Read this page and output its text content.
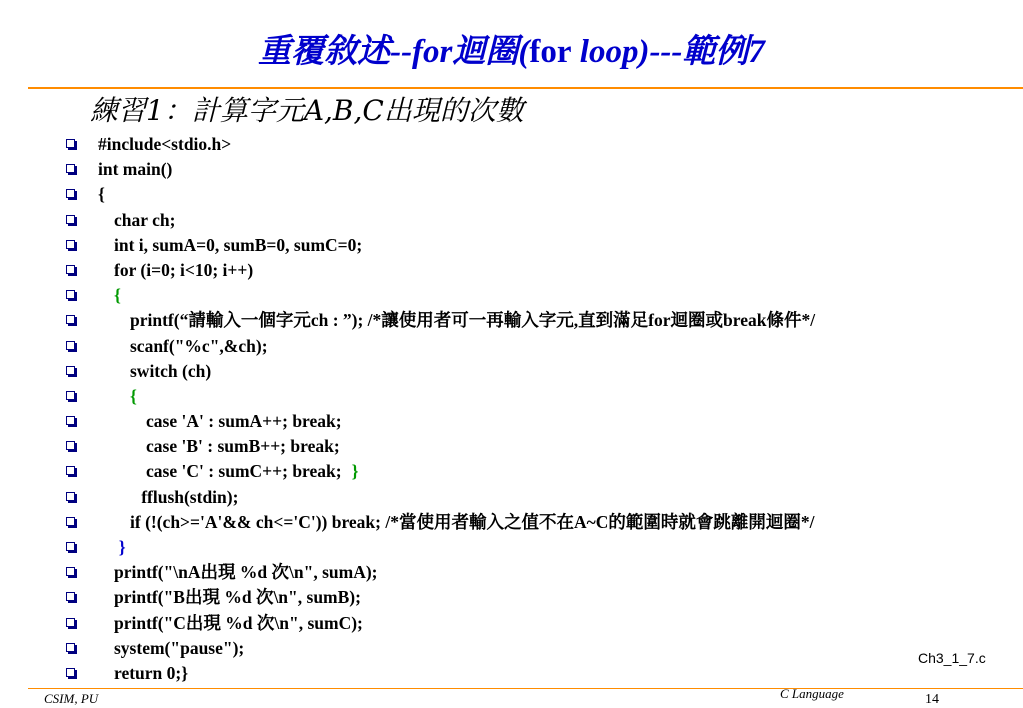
重覆敘述--for迴圈(for loop)---範例7
練習1：計算字元A,B,C出現的次數
#include<stdio.h>
int main()
{
char ch;
int i, sumA=0, sumB=0, sumC=0;
for (i=0; i<10; i++)
{
printf(“請輸入一個字元ch : ”); /*讓使用者可一再輸入字元,直到滿足for迴圈或break條件*/
scanf("%c",&ch);
switch (ch)
{
case 'A' : sumA++; break;
case 'B' : sumB++; break;
case 'C' : sumC++; break; }
fflush(stdin);
if (!(ch>='A'&& ch<='C')) break; /*當使用者輸入之值不在A~C的範圍時就會跳離開迴圈*/
}
printf("\nA出現 %d 次\n", sumA);
printf("B出現 %d 次\n", sumB);
printf("C出現 %d 次\n", sumC);
system("pause");
return 0;}
Ch3_1_7.c
CSIM, PU	C Language	14
